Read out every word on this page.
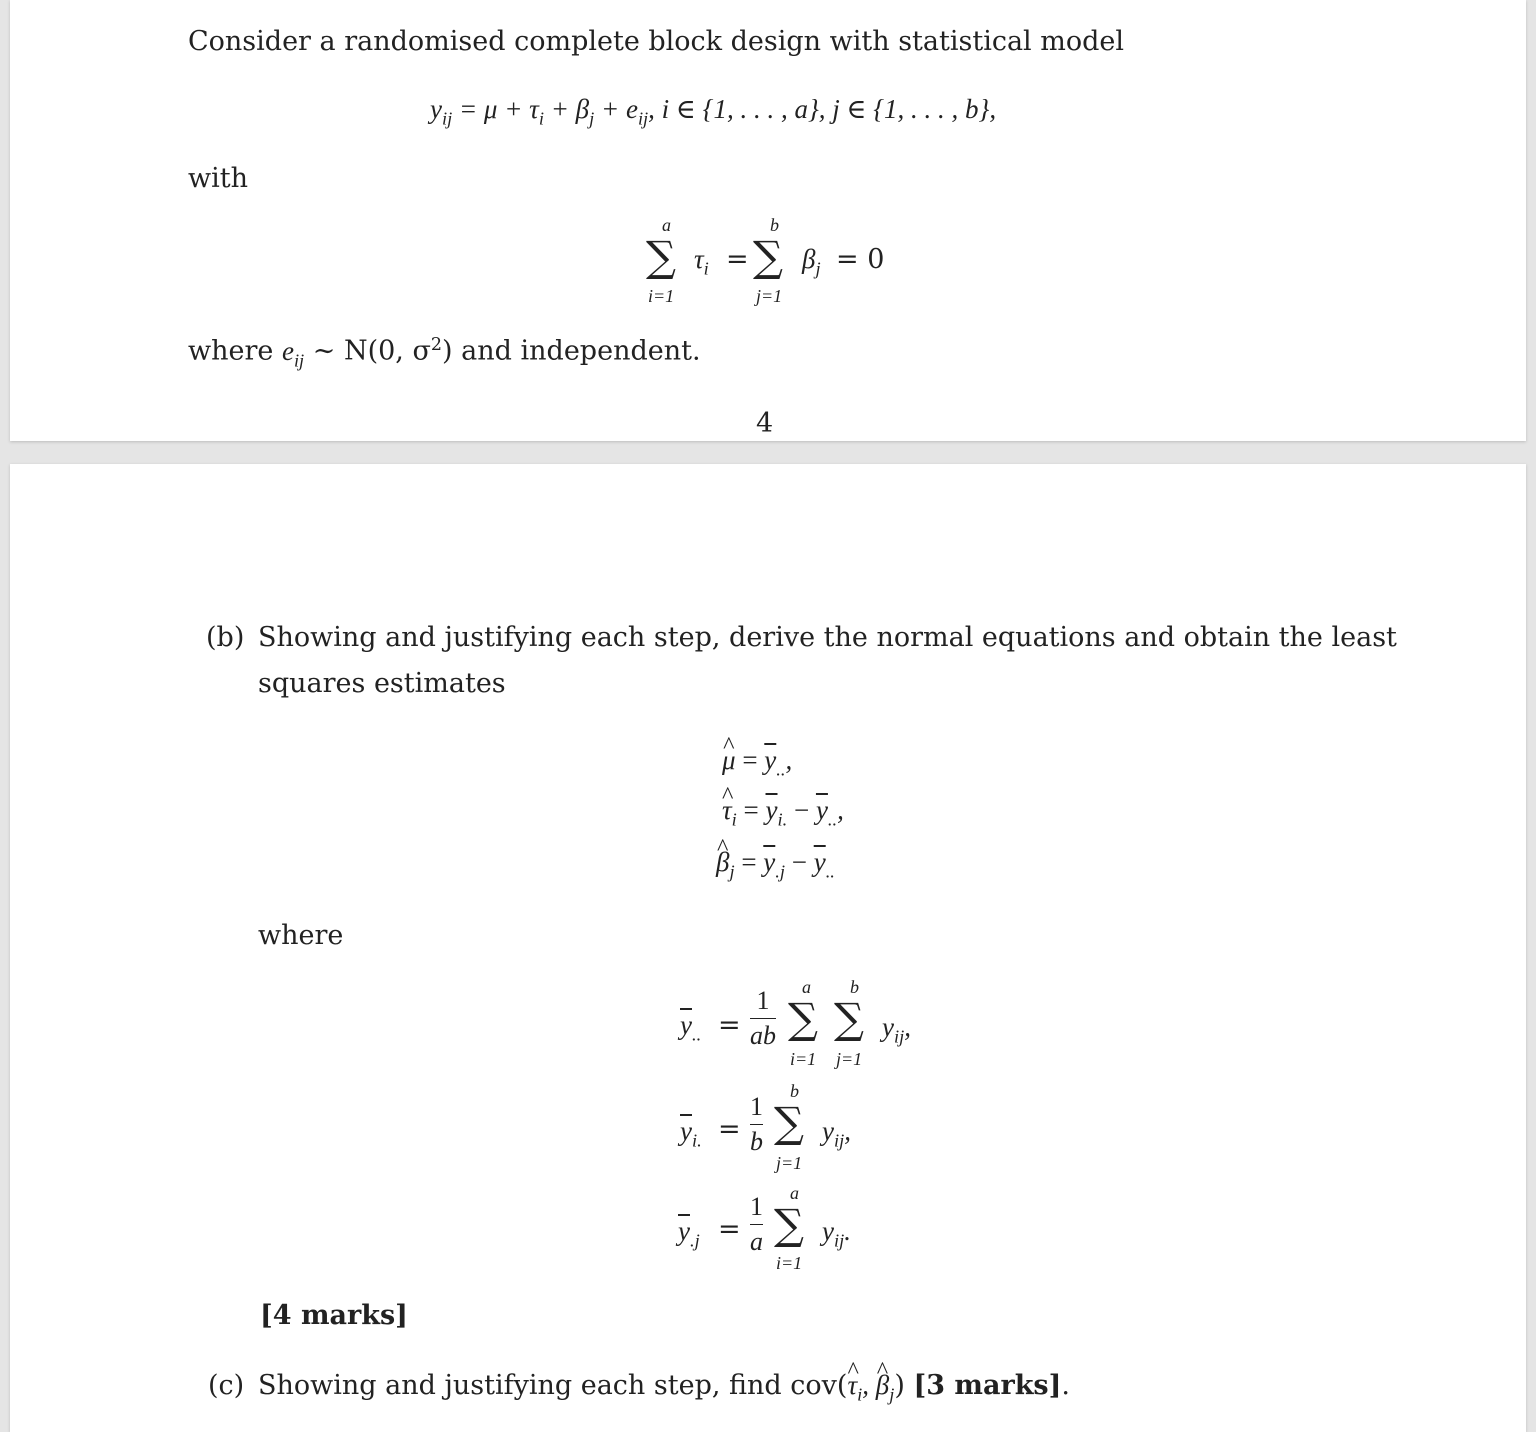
Consider a randomised complete block design with statistical model
$y_{ij} = \mu + \tau_i + \beta_j + e_{ij}$, i ∈ {1, . . . , a}, j ∈ {1, . . . , b},
with
a
∑
i=1
$\tau_i$ =
b
∑
j=1
$\beta_j = 0$
where $e_{ij}$ ∼ N(0, $\sigma^2$) and independent.
4
(b) Showing and justifying each step, derive the normal equations and obtain the least
squares estimates
^ $\mu = \overline{y}_{..}$,
^ $\tau_i = \overline{y}_{i.} - \overline{y}_{..}$,
^ $\beta_j = \overline{y}_{.j} - \overline{y}_{..}$
where
$\overline{y}_{..} = \frac{1}{ab}$
a
∑
i=1
b
∑
j=1
$y_{ij}$,
$\overline{y}_{i.} = \frac{1}{b}$
b
∑
j=1
$y_{ij}$,
$\overline{y}_{.j} = \frac{1}{a}$
a
∑
i=1
$y_{ij}$.
[4 marks]
(c) Showing and justifying each step, find cov(^ $\tau_i$, ^ $\beta_j$) [3 marks].
